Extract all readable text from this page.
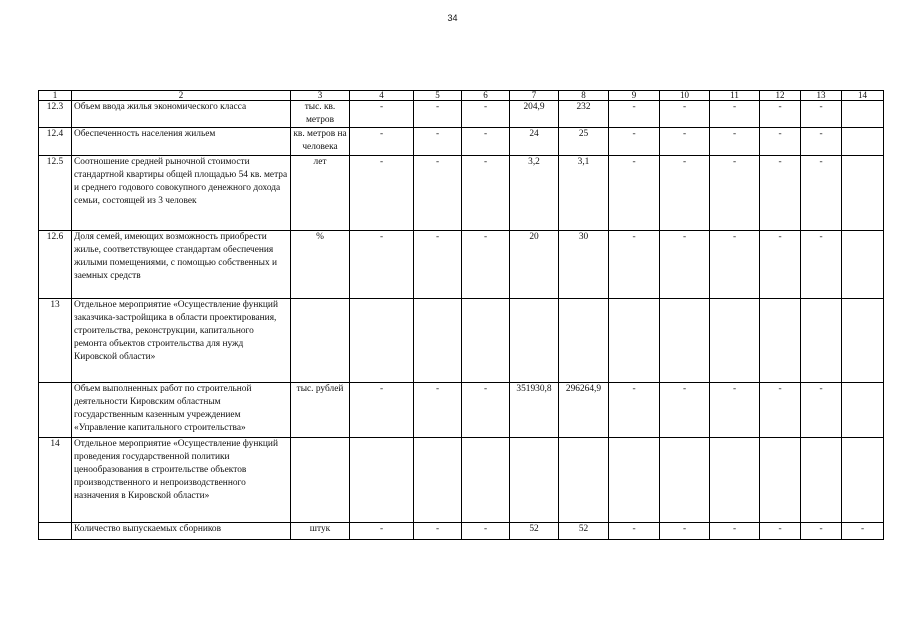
34
1	2	3	4	5	6	7	8	9	10	11	12	13	14
12.3	Объем ввода жилья экономического класса	тыс. кв. метров	-	-	-	204,9	232	-	-	-	-	-	
12.4	Обеспеченность населения жильем	кв. метров на человека	-	-	-	24	25	-	-	-	-	-	
12.5	Соотношение средней рыночной стоимости стандартной квартиры общей площадью 54 кв. метра и среднего годового совокупного денежного дохода семьи, состоящей из 3 человек	лет	-	-	-	3,2	3,1	-	-	-	-	-	
12.6	Доля семей, имеющих возможность приобрести жилье, соответствующее стандартам обеспечения жилыми помещениями, с помощью собственных и заемных средств	%	-	-	-	20	30	-	-	-	-	-	
13	Отдельное мероприятие «Осуществление функций заказчика-застройщика в области проектирования, строительства, реконструкции, капитального ремонта объектов строительства для нужд Кировской области»												
	Объем выполненных работ по строительной деятельности Кировским областным государственным казенным учреждением «Управление капитального строительства»	тыс. рублей	-	-	-	351930,8	296264,9	-	-	-	-	-	
14	Отдельное мероприятие «Осуществление функций проведения государственной политики ценообразования в строительстве объектов производственного и непроизводственного назначения в Кировской области»												
	Количество выпускаемых сборников	штук	-	-	-	52	52	-	-	-	-	-	-
